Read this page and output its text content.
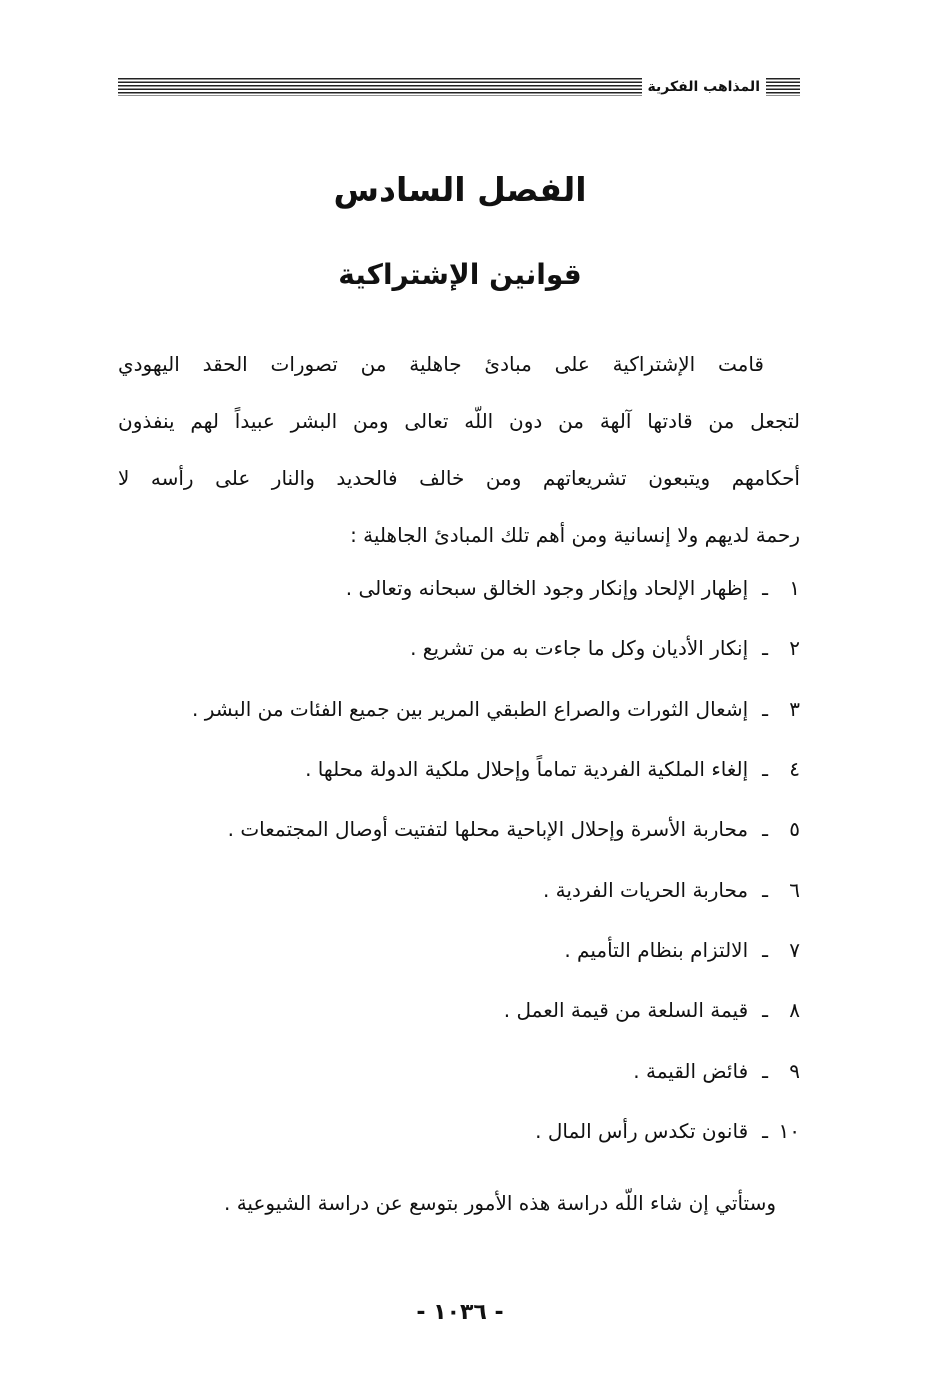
المذاهب الفكرية
الفصل السادس
قوانين الإشتراكية
قامت الإشتراكية على مبادئ جاهلية من تصورات الحقد اليهودي
لتجعل من قادتها آلهة من دون اللّه تعالى ومن البشر عبيداً لهم ينفذون
أحكامهم ويتبعون تشريعاتهم ومن خالف فالحديد والنار على رأسه لا
رحمة لديهم ولا إنسانية ومن أهم تلك المبادئ الجاهلية :
١
ـ
إظهار الإلحاد وإنكار وجود الخالق سبحانه وتعالى .
٢
ـ
إنكار الأديان وكل ما جاءت به من تشريع .
٣
ـ
إشعال الثورات والصراع الطبقي المرير بين جميع الفئات من البشر .
٤
ـ
إلغاء الملكية الفردية تماماً وإحلال ملكية الدولة محلها .
٥
ـ
محاربة الأسرة وإحلال الإباحية محلها لتفتيت أوصال المجتمعات .
٦
ـ
محاربة الحريات الفردية .
٧
ـ
الالتزام بنظام التأميم .
٨
ـ
قيمة السلعة من قيمة العمل .
٩
ـ
فائض القيمة .
١٠
ـ
قانون تكدس رأس المال .
وستأتي إن شاء اللّه دراسة هذه الأمور بتوسع عن دراسة الشيوعية .
- ١٠٣٦ -
